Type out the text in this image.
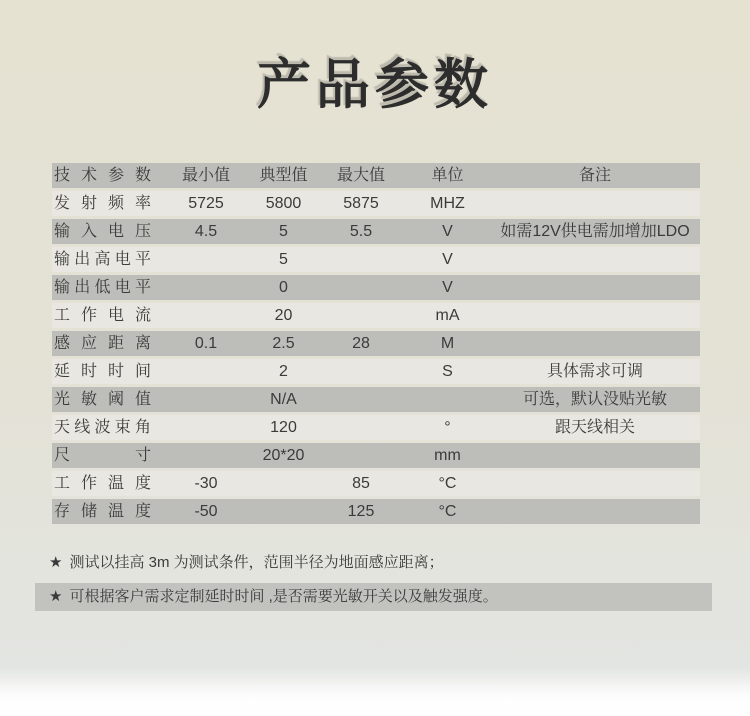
产品参数
技术参数	最小值	典型值	最大值	单位	备注
发射频率	5725	5800	5875	MHZ	
输入电压	4.5	5	5.5	V	如需12V供电需加增加LDO
输出高电平		5		V	
输出低电平		0		V	
工作电流		20		mA	
感应距离	0.1	2.5	28	M	
延时时间		2		S	具体需求可调
光敏阈值		N/A			可选，默认没贴光敏
天线波束角		120		°	跟天线相关
尺寸		20*20		mm	
工作温度	-30		85	°C	
存储温度	-50		125	°C	
★ 测试以挂高 3m 为测试条件，范围半径为地面感应距离；
★ 可根据客户需求定制延时时间 ,是否需要光敏开关以及触发强度。
